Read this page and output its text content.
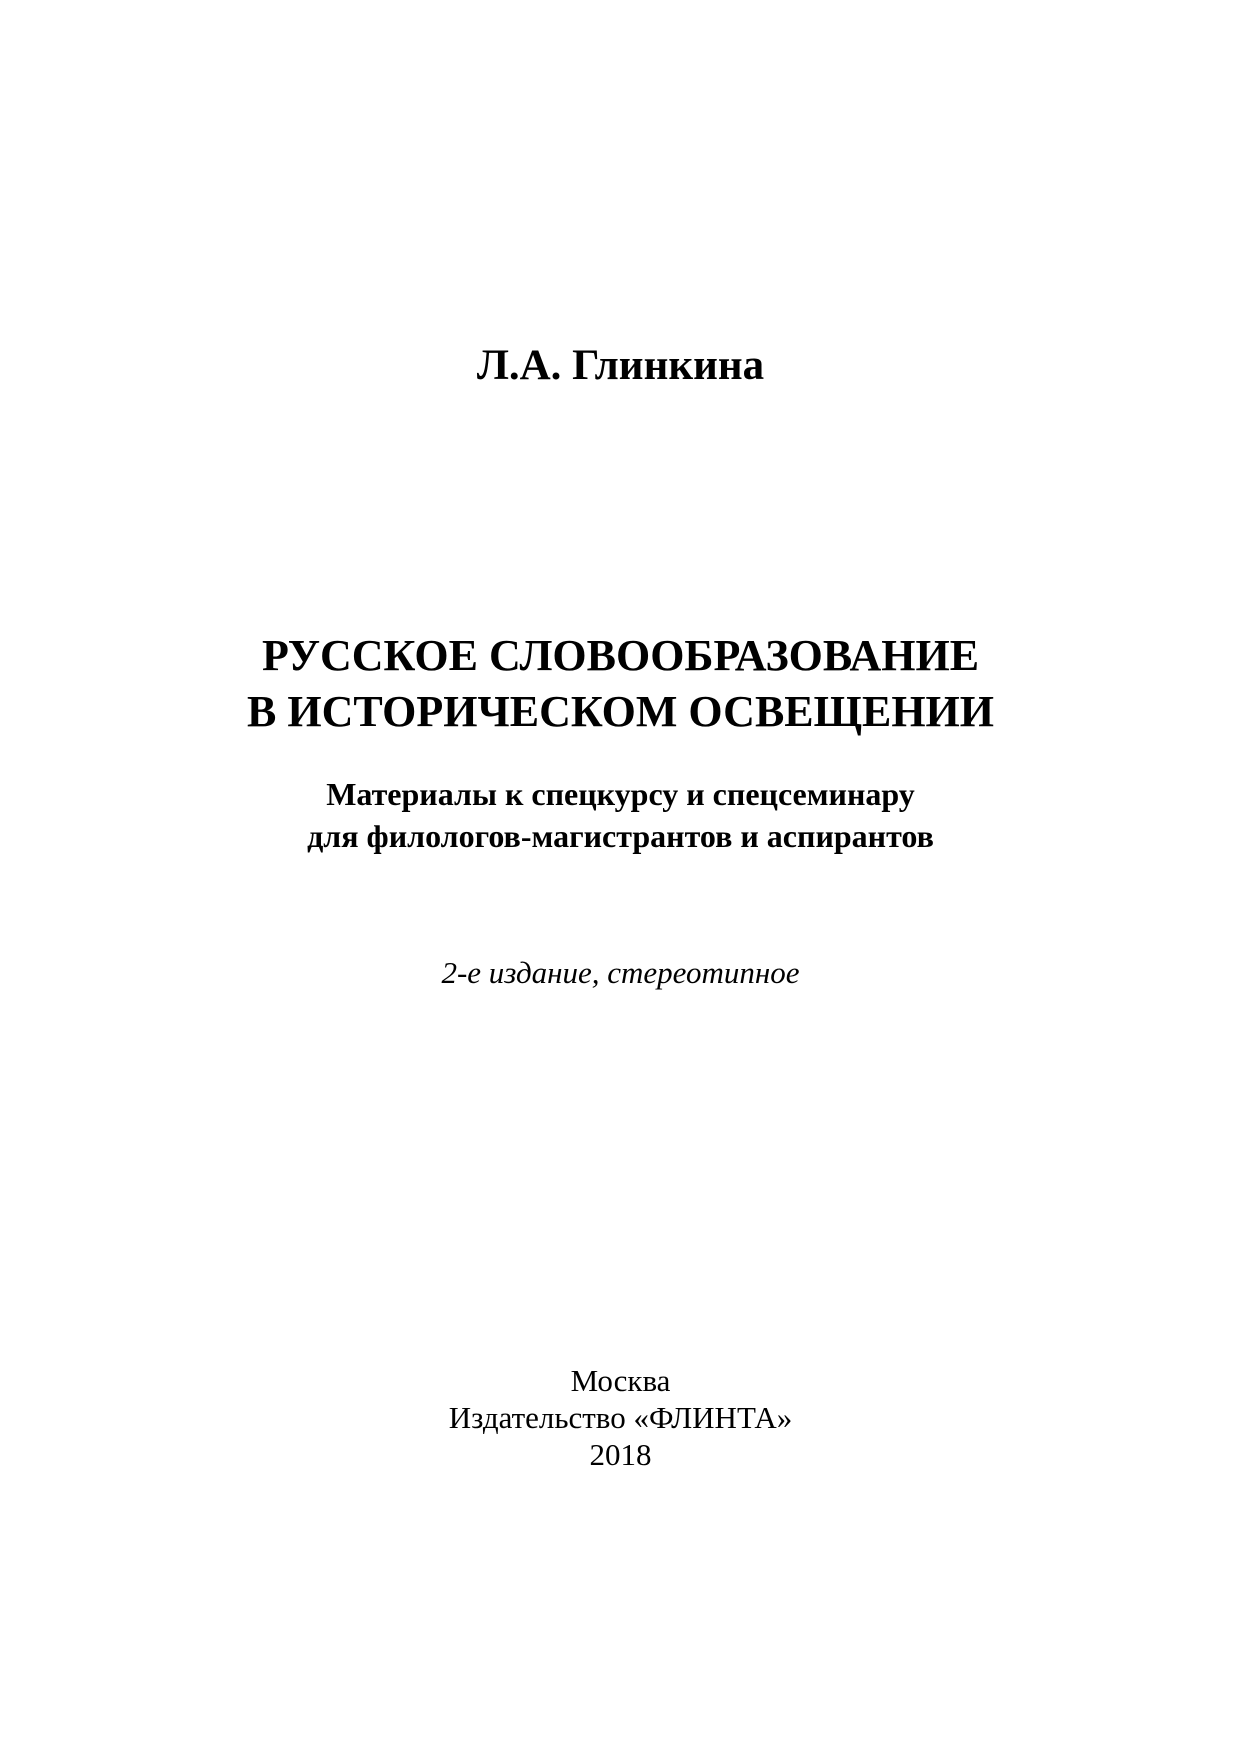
Л.А. Глинкина
РУССКОЕ СЛОВООБРАЗОВАНИЕ
В ИСТОРИЧЕСКОМ ОСВЕЩЕНИИ
Материалы к спецкурсу и спецсеминару
для филологов-магистрантов и аспирантов
2-е издание, стереотипное
Москва
Издательство «ФЛИНТА»
2018
